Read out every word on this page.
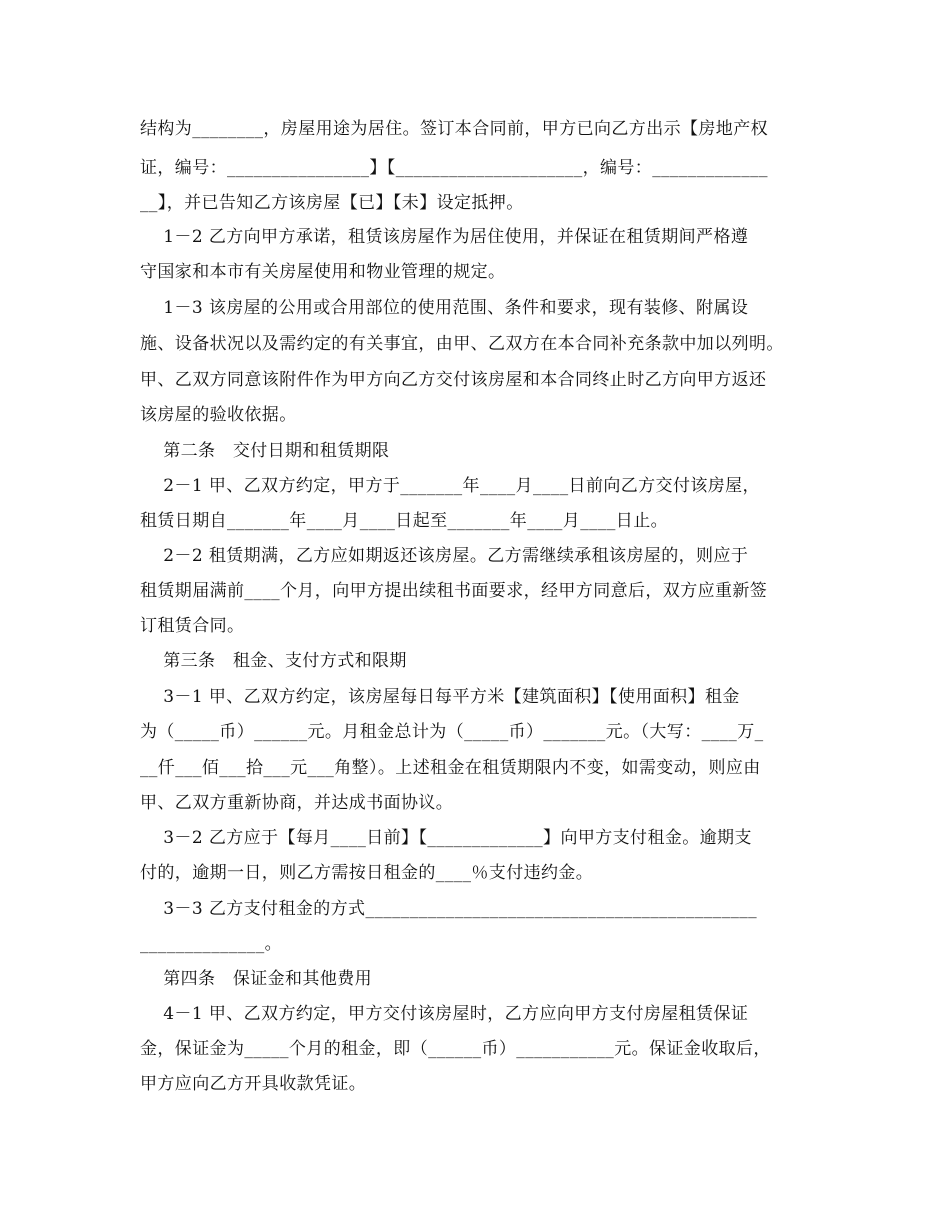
结构为________，房屋用途为居住。签订本合同前，甲方已向乙方出示【房地产权
证，编号：________________】【_____________________，编号：_____________
__】，并已告知乙方该房屋【已】【未】设定抵押。
1－2 乙方向甲方承诺，租赁该房屋作为居住使用，并保证在租赁期间严格遵
守国家和本市有关房屋使用和物业管理的规定。
1－3 该房屋的公用或合用部位的使用范围、条件和要求，现有装修、附属设
施、设备状况以及需约定的有关事宜，由甲、乙双方在本合同补充条款中加以列明。
甲、乙双方同意该附件作为甲方向乙方交付该房屋和本合同终止时乙方向甲方返还
该房屋的验收依据。
第二条   交付日期和租赁期限
2－1 甲、乙双方约定，甲方于_______年____月____日前向乙方交付该房屋，
租赁日期自_______年____月____日起至_______年____月____日止。
2－2 租赁期满，乙方应如期返还该房屋。乙方需继续承租该房屋的，则应于
租赁期届满前____个月，向甲方提出续租书面要求，经甲方同意后，双方应重新签
订租赁合同。
第三条   租金、支付方式和限期
3－1 甲、乙双方约定，该房屋每日每平方米【建筑面积】【使用面积】租金
为（_____币）______元。月租金总计为（_____币）_______元。（大写：____万_
__仟___佰___拾___元___角整）。上述租金在租赁期限内不变，如需变动，则应由
甲、乙双方重新协商，并达成书面协议。
3－2 乙方应于【每月____日前】【_____________】向甲方支付租金。逾期支
付的，逾期一日，则乙方需按日租金的____％支付违约金。
3－3 乙方支付租金的方式____________________________________________
______________。
第四条   保证金和其他费用
4－1 甲、乙双方约定，甲方交付该房屋时，乙方应向甲方支付房屋租赁保证
金，保证金为_____个月的租金，即（______币）___________元。保证金收取后，
甲方应向乙方开具收款凭证。
